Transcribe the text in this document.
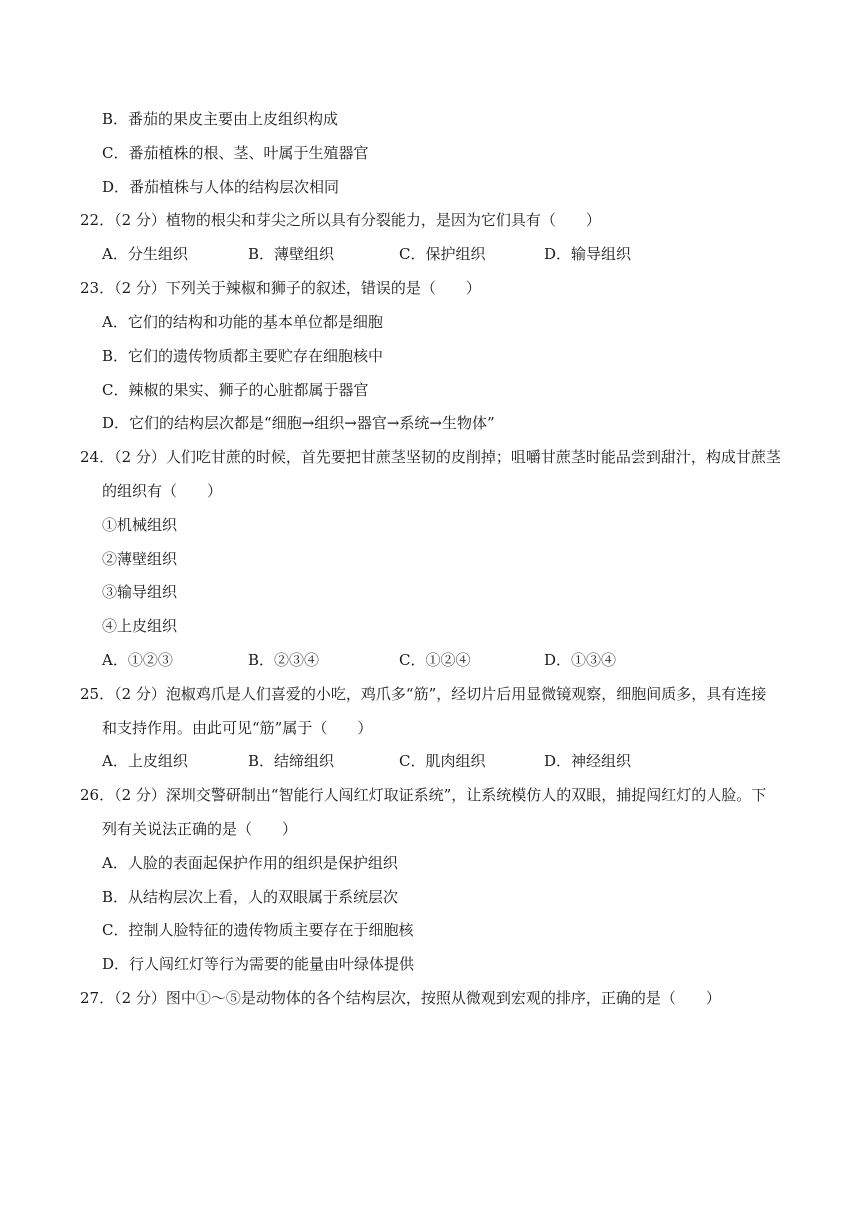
B．番茄的果皮主要由上皮组织构成
C．番茄植株的根、茎、叶属于生殖器官
D．番茄植株与人体的结构层次相同
22．（2 分）植物的根尖和芽尖之所以具有分裂能力，是因为它们具有（　　）
A．分生组织	B．薄壁组织	C．保护组织	D．输导组织
23．（2 分）下列关于辣椒和狮子的叙述，错误的是（　　）
A．它们的结构和功能的基本单位都是细胞
B．它们的遗传物质都主要贮存在细胞核中
C．辣椒的果实、狮子的心脏都属于器官
D．它们的结构层次都是“细胞→组织→器官→系统→生物体”
24．（2 分）人们吃甘蔗的时候，首先要把甘蔗茎坚韧的皮削掉；咀嚼甘蔗茎时能品尝到甜汁，构成甘蔗茎
的组织有（　　）
①机械组织
②薄壁组织
③输导组织
④上皮组织
A．①②③	B．②③④	C．①②④	D．①③④
25．（2 分）泡椒鸡爪是人们喜爱的小吃，鸡爪多“筋”，经切片后用显微镜观察，细胞间质多，具有连接
和支持作用。由此可见“筋”属于（　　）
A．上皮组织	B．结缔组织	C．肌肉组织	D．神经组织
26．（2 分）深圳交警研制出“智能行人闯红灯取证系统”，让系统模仿人的双眼，捕捉闯红灯的人脸。下
列有关说法正确的是（　　）
A．人脸的表面起保护作用的组织是保护组织
B．从结构层次上看，人的双眼属于系统层次
C．控制人脸特征的遗传物质主要存在于细胞核
D．行人闯红灯等行为需要的能量由叶绿体提供
27．（2 分）图中①～⑤是动物体的各个结构层次，按照从微观到宏观的排序，正确的是（　　）
